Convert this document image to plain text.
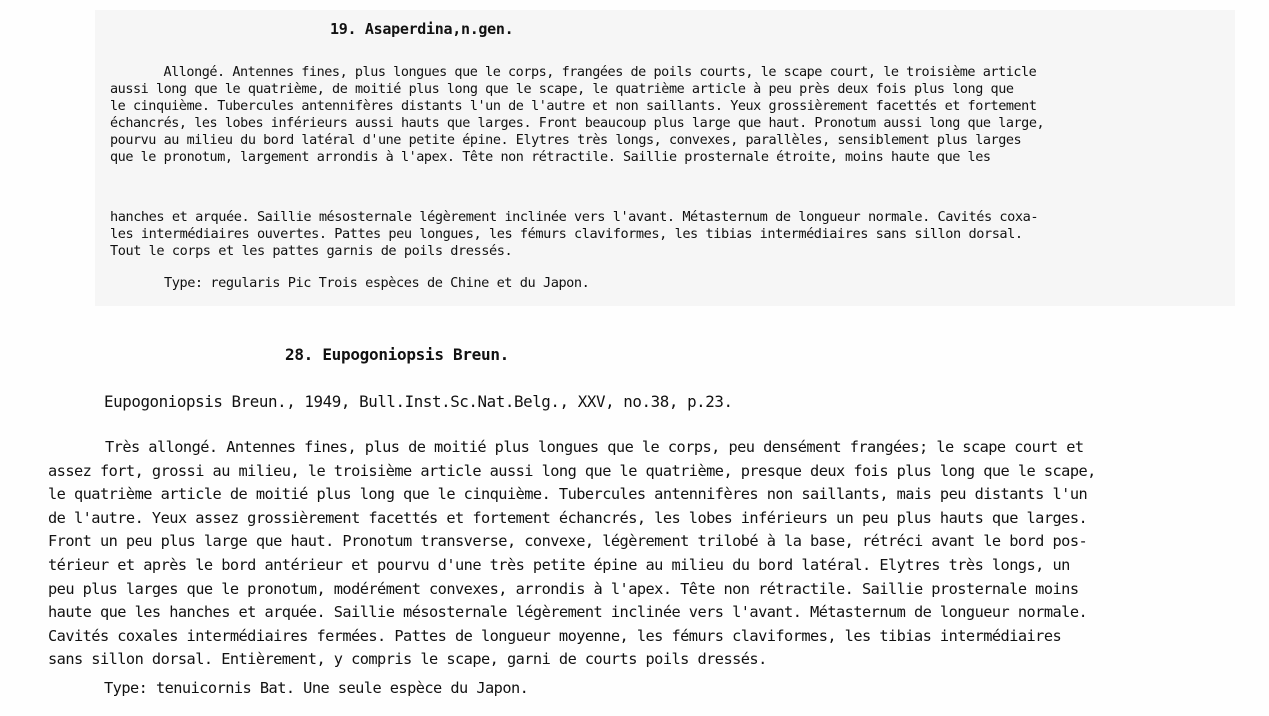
19. Asaperdina,n.gen.
Allongé. Antennes fines, plus longues que le corps, frangées de poils courts, le scape court, le troisième article
aussi long que le quatrième, de moitié plus long que le scape, le quatrième article à peu près deux fois plus long que
le cinquième. Tubercules antennifères distants l'un de l'autre et non saillants. Yeux grossièrement facettés et fortement
échancrés, les lobes inférieurs aussi hauts que larges. Front beaucoup plus large que haut. Pronotum aussi long que large,
pourvu au milieu du bord latéral d'une petite épine. Elytres très longs, convexes, parallèles, sensiblement plus larges
que le pronotum, largement arrondis à l'apex. Tête non rétractile. Saillie prosternale étroite, moins haute que les
hanches et arquée. Saillie mésosternale légèrement inclinée vers l'avant. Métasternum de longueur normale. Cavités coxa-
les intermédiaires ouvertes. Pattes peu longues, les fémurs claviformes, les tibias intermédiaires sans sillon dorsal.
Tout le corps et les pattes garnis de poils dressés.
Type: regularis Pic Trois espèces de Chine et du Japon.
28. Eupogoniopsis Breun.
Eupogoniopsis Breun., 1949, Bull.Inst.Sc.Nat.Belg., XXV, no.38, p.23.
Très allongé. Antennes fines, plus de moitié plus longues que le corps, peu densément frangées; le scape court et
assez fort, grossi au milieu, le troisième article aussi long que le quatrième, presque deux fois plus long que le scape,
le quatrième article de moitié plus long que le cinquième. Tubercules antennifères non saillants, mais peu distants l'un
de l'autre. Yeux assez grossièrement facettés et fortement échancrés, les lobes inférieurs un peu plus hauts que larges.
Front un peu plus large que haut. Pronotum transverse, convexe, légèrement trilobé à la base, rétréci avant le bord pos-
térieur et après le bord antérieur et pourvu d'une très petite épine au milieu du bord latéral. Elytres très longs, un
peu plus larges que le pronotum, modérément convexes, arrondis à l'apex. Tête non rétractile. Saillie prosternale moins
haute que les hanches et arquée. Saillie mésosternale légèrement inclinée vers l'avant. Métasternum de longueur normale.
Cavités coxales intermédiaires fermées. Pattes de longueur moyenne, les fémurs claviformes, les tibias intermédiaires
sans sillon dorsal. Entièrement, y compris le scape, garni de courts poils dressés.
Type: tenuicornis Bat. Une seule espèce du Japon.
